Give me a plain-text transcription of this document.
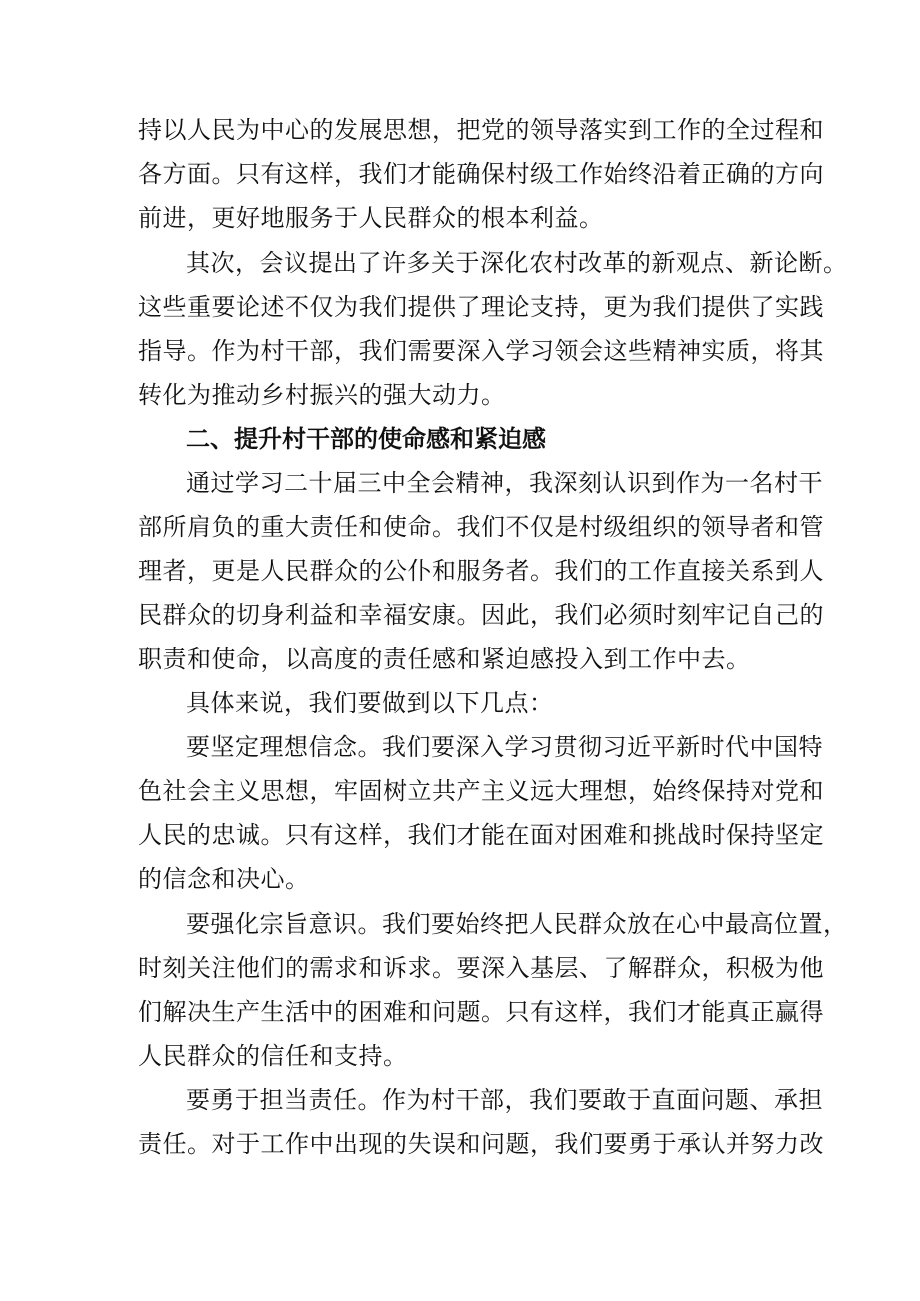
持以人民为中心的发展思想，把党的领导落实到工作的全过程和
各方面。只有这样，我们才能确保村级工作始终沿着正确的方向
前进，更好地服务于人民群众的根本利益。
其次，会议提出了许多关于深化农村改革的新观点、新论断。
这些重要论述不仅为我们提供了理论支持，更为我们提供了实践
指导。作为村干部，我们需要深入学习领会这些精神实质，将其
转化为推动乡村振兴的强大动力。
二、提升村干部的使命感和紧迫感
通过学习二十届三中全会精神，我深刻认识到作为一名村干
部所肩负的重大责任和使命。我们不仅是村级组织的领导者和管
理者，更是人民群众的公仆和服务者。我们的工作直接关系到人
民群众的切身利益和幸福安康。因此，我们必须时刻牢记自己的
职责和使命，以高度的责任感和紧迫感投入到工作中去。
具体来说，我们要做到以下几点：
要坚定理想信念。我们要深入学习贯彻习近平新时代中国特
色社会主义思想，牢固树立共产主义远大理想，始终保持对党和
人民的忠诚。只有这样，我们才能在面对困难和挑战时保持坚定
的信念和决心。
要强化宗旨意识。我们要始终把人民群众放在心中最高位置，
时刻关注他们的需求和诉求。要深入基层、了解群众，积极为他
们解决生产生活中的困难和问题。只有这样，我们才能真正赢得
人民群众的信任和支持。
要勇于担当责任。作为村干部，我们要敢于直面问题、承担
责任。对于工作中出现的失误和问题，我们要勇于承认并努力改
